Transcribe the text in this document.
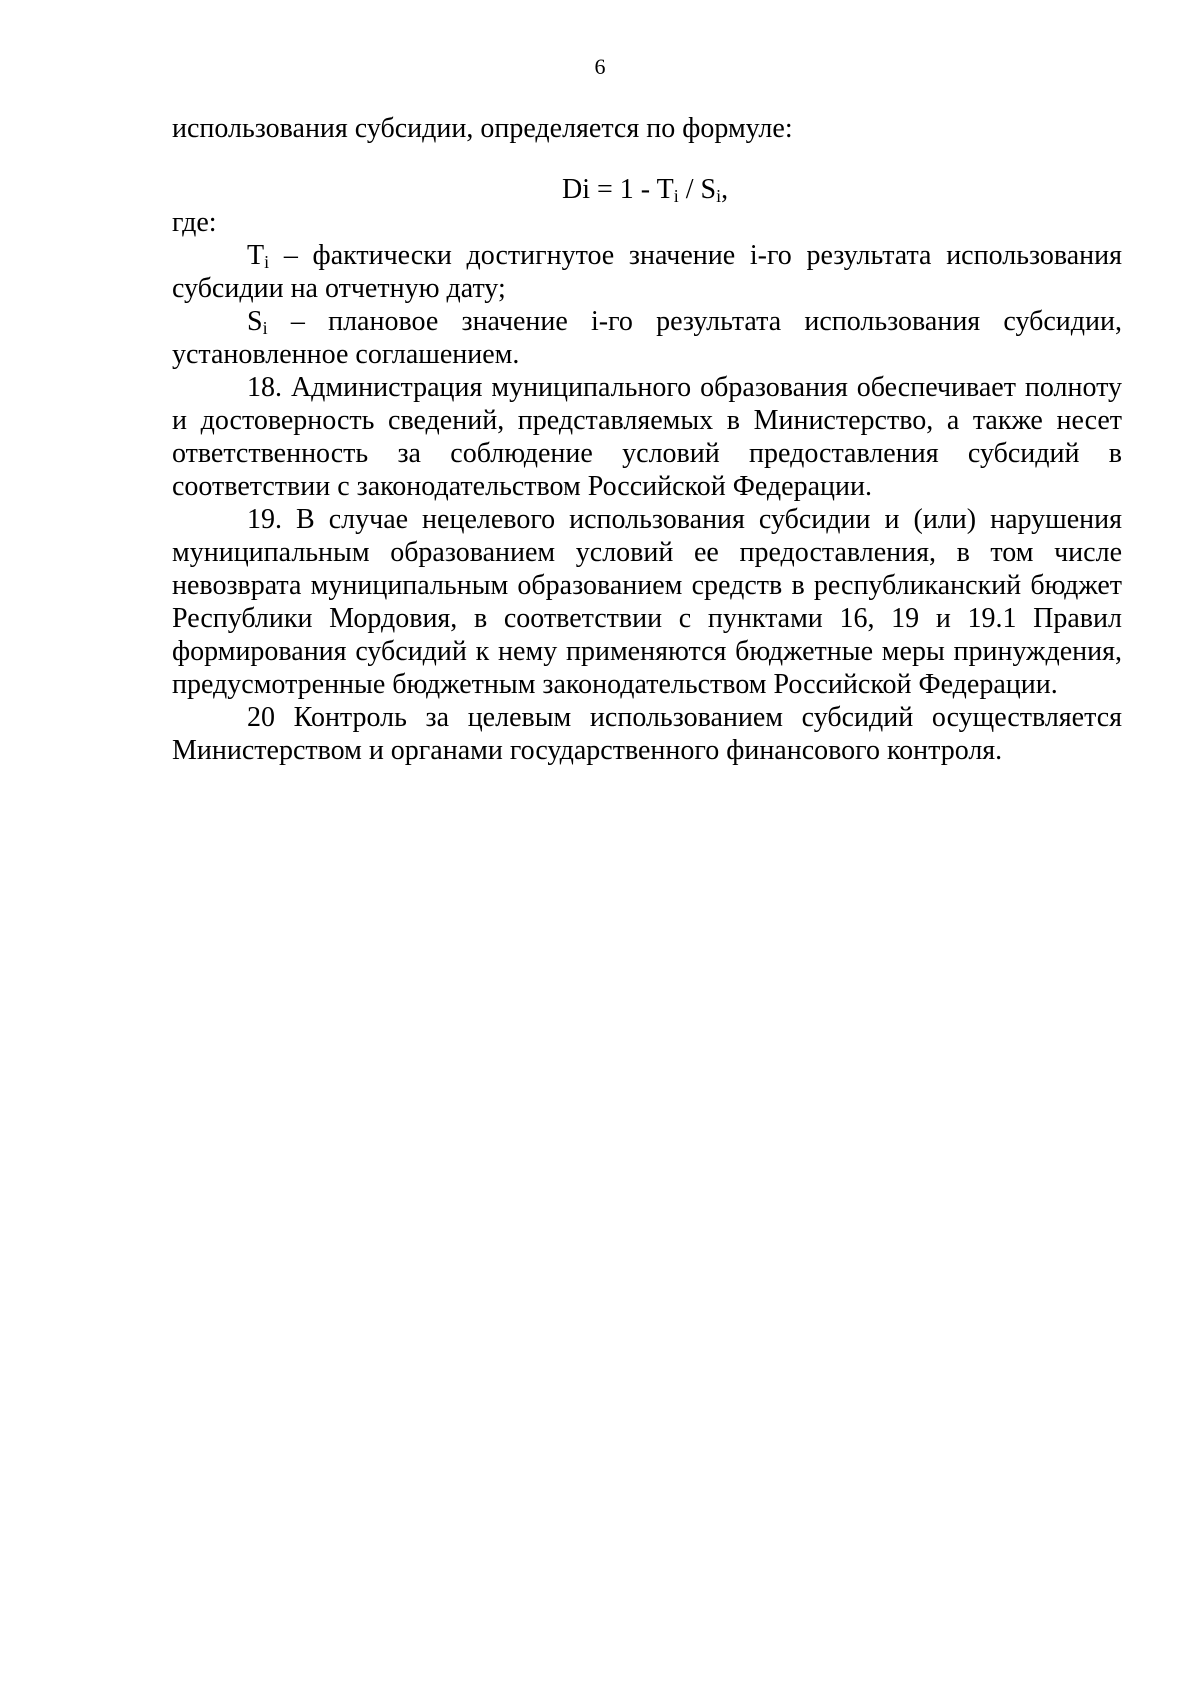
6

использования субсидии, определяется по формуле:

$Di = 1 - T_i / S_i$,

где:

$T_i$ – фактически достигнутое значение i-го результата использования субсидии на отчетную дату;

$S_i$ – плановое значение i-го результата использования субсидии, установленное соглашением.

18. Администрация муниципального образования обеспечивает полноту и достоверность сведений, представляемых в Министерство, а также несет ответственность за соблюдение условий предоставления субсидий в соответствии с законодательством Российской Федерации.

19. В случае нецелевого использования субсидии и (или) нарушения муниципальным образованием условий ее предоставления, в том числе невозврата муниципальным образованием средств в республиканский бюджет Республики Мордовия, в соответствии с пунктами 16, 19 и 19.1 Правил формирования субсидий к нему применяются бюджетные меры принуждения, предусмотренные бюджетным законодательством Российской Федерации.

20 Контроль за целевым использованием субсидий осуществляется Министерством и органами государственного финансового контроля.
